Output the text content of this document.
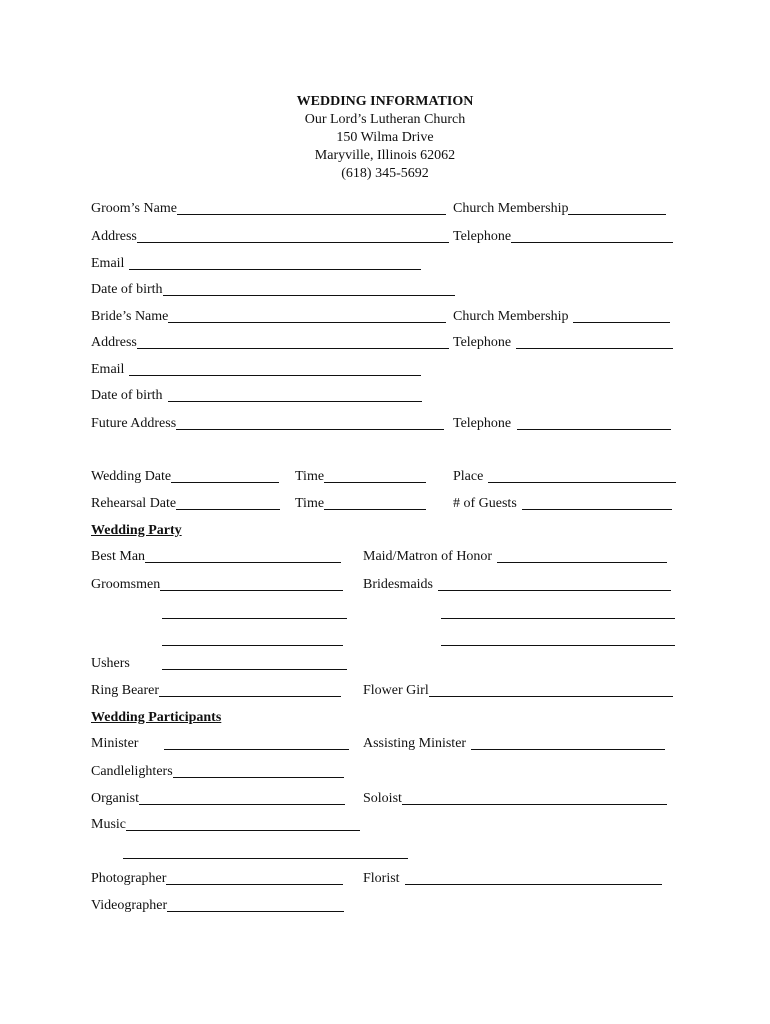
WEDDING INFORMATION
Our Lord’s Lutheran Church
150 Wilma Drive
Maryville, Illinois 62062
(618) 345-5692
Groom’s Name	Church Membership
Address	Telephone
Email
Date of birth
Bride’s Name	Church Membership
Address	Telephone
Email
Date of birth
Future Address	Telephone
Wedding Date	Time	Place
Rehearsal Date	Time	# of Guests
Wedding Party
Best Man	Maid/Matron of Honor
Groomsmen	Bridesmaids
Ushers
Ring Bearer	Flower Girl
Wedding Participants
Minister	Assisting Minister
Candlelighters
Organist	Soloist
Music
Photographer	Florist
Videographer
